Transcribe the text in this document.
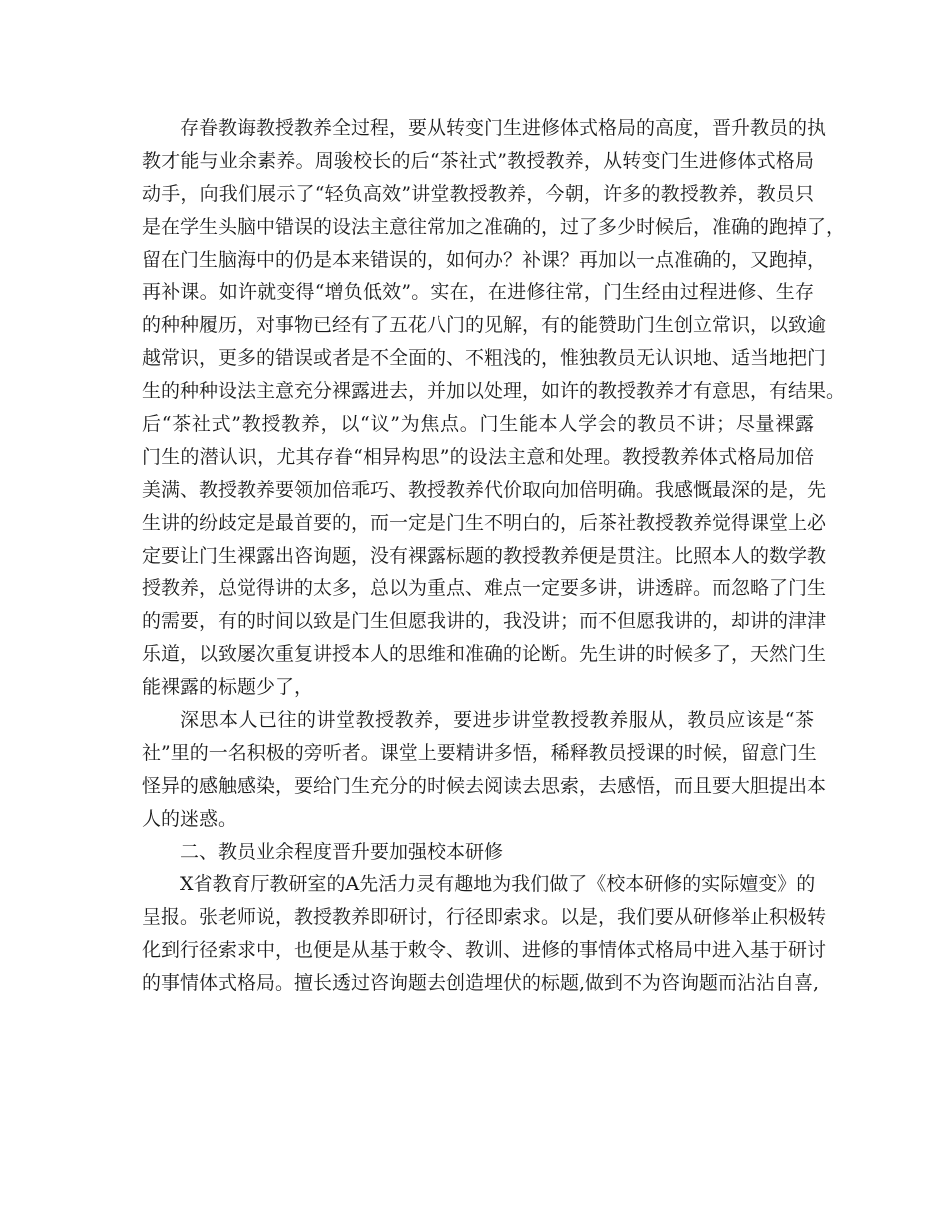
存眷教诲教授教养全过程，要从转变门生进修体式格局的高度，晋升教员的执
教才能与业余素养。周骏校长的后“茶社式”教授教养，从转变门生进修体式格局
动手，向我们展示了“轻负高效”讲堂教授教养，今朝，许多的教授教养，教员只
是在学生头脑中错误的设法主意往常加之准确的，过了多少时候后，准确的跑掉了，
留在门生脑海中的仍是本来错误的，如何办？补课？再加以一点准确的，又跑掉，
再补课。如许就变得“增负低效”。实在，在进修往常，门生经由过程进修、生存
的种种履历，对事物已经有了五花八门的见解，有的能赞助门生创立常识，以致逾
越常识，更多的错误或者是不全面的、不粗浅的，惟独教员无认识地、适当地把门
生的种种设法主意充分裸露进去，并加以处理，如许的教授教养才有意思，有结果。
后“茶社式”教授教养，以“议”为焦点。门生能本人学会的教员不讲；尽量裸露
门生的潜认识，尤其存眷“相异构思”的设法主意和处理。教授教养体式格局加倍
美满、教授教养要领加倍乖巧、教授教养代价取向加倍明确。我感慨最深的是，先
生讲的纷歧定是最首要的，而一定是门生不明白的，后茶社教授教养觉得课堂上必
定要让门生裸露出咨询题，没有裸露标题的教授教养便是贯注。比照本人的数学教
授教养，总觉得讲的太多，总以为重点、难点一定要多讲，讲透辟。而忽略了门生
的需要，有的时间以致是门生但愿我讲的，我没讲；而不但愿我讲的，却讲的津津
乐道，以致屡次重复讲授本人的思维和准确的论断。先生讲的时候多了，天然门生
能裸露的标题少了，
深思本人已往的讲堂教授教养，要进步讲堂教授教养服从，教员应该是“茶
社”里的一名积极的旁听者。课堂上要精讲多悟，稀释教员授课的时候，留意门生
怪异的感触感染，要给门生充分的时候去阅读去思索，去感悟，而且要大胆提出本
人的迷惑。
二、教员业余程度晋升要加强校本研修
X省教育厅教研室的A先活力灵有趣地为我们做了《校本研修的实际嬗变》的
呈报。张老师说，教授教养即研讨，行径即索求。以是，我们要从研修举止积极转
化到行径索求中，也便是从基于敕令、教训、进修的事情体式格局中进入基于研讨
的事情体式格局。擅长透过咨询题去创造埋伏的标题,做到不为咨询题而沾沾自喜,
